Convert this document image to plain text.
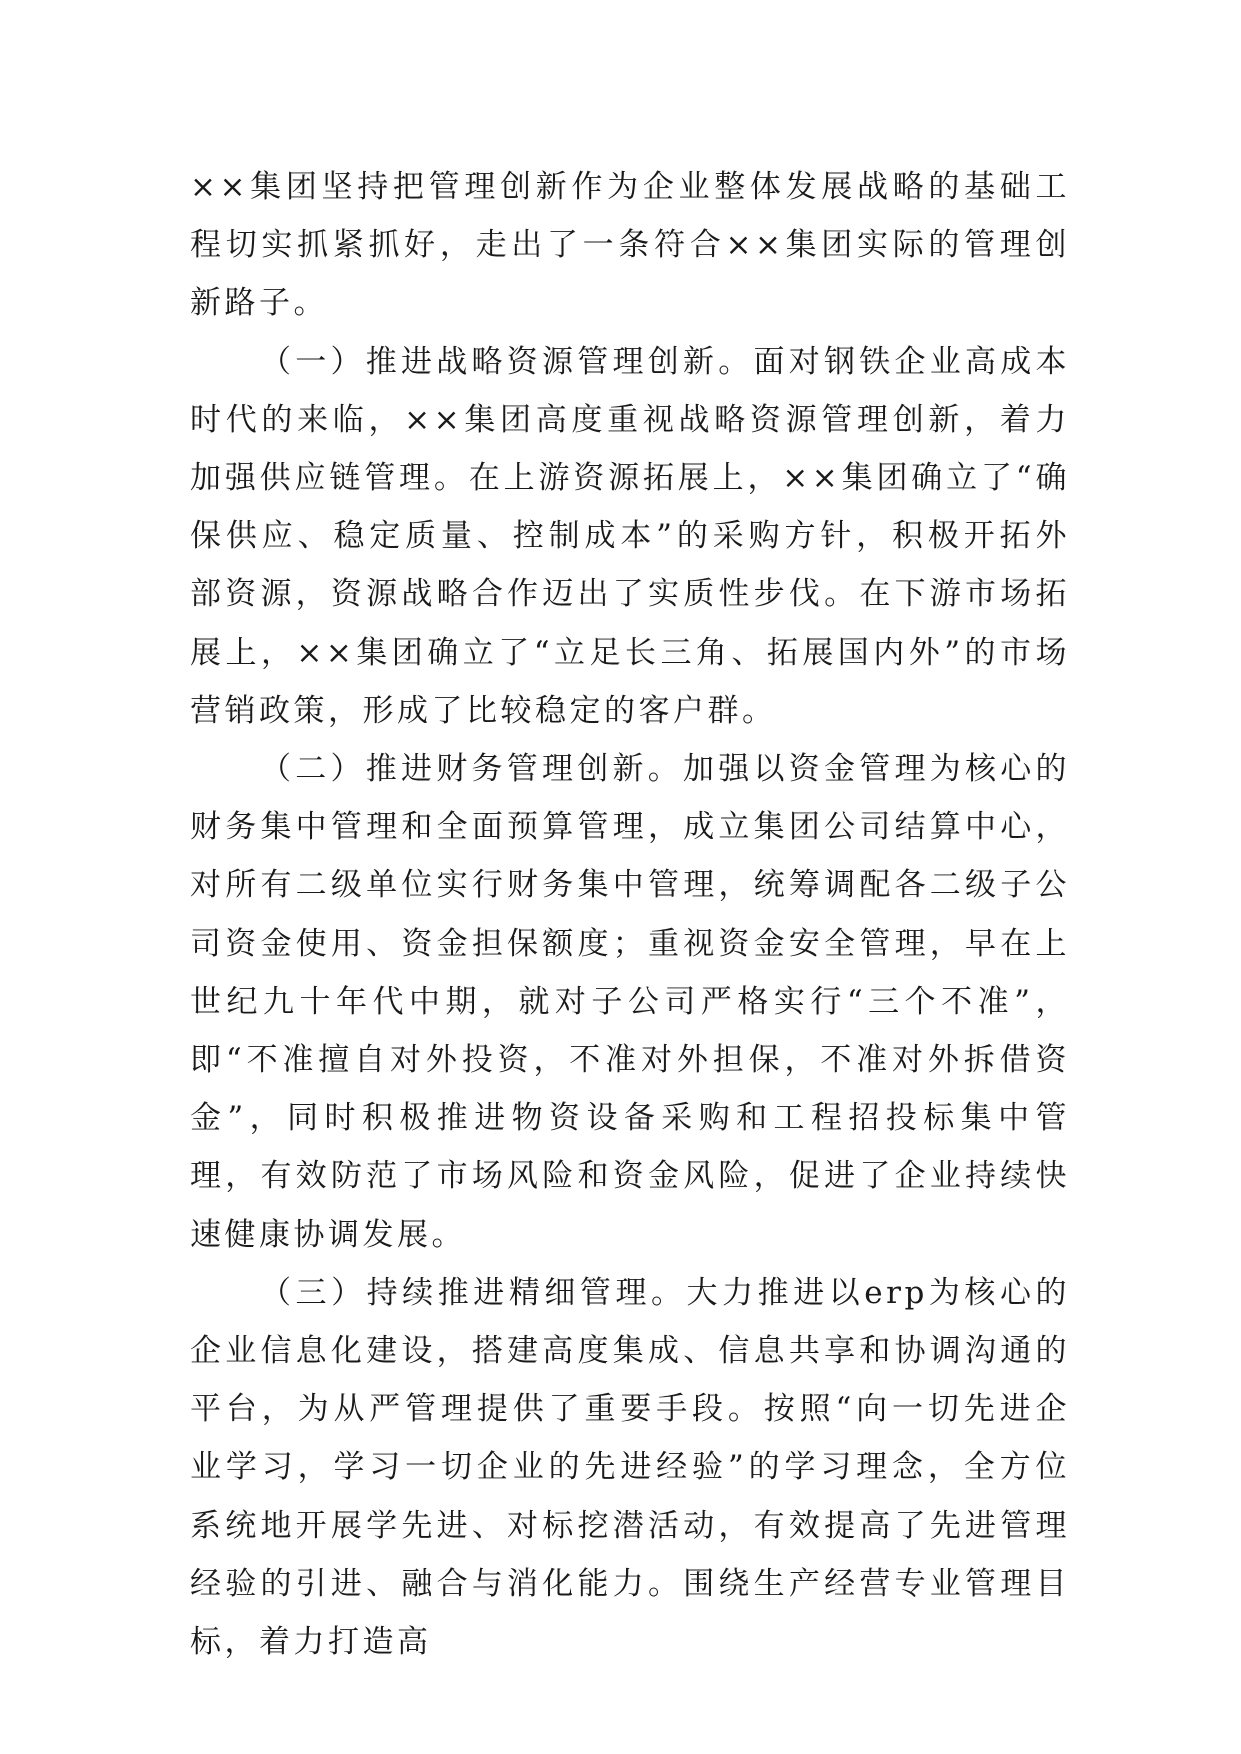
××集团坚持把管理创新作为企业整体发展战略的基础工程切实抓紧抓好，走出了一条符合××集团实际的管理创新路子。

（一）推进战略资源管理创新。面对钢铁企业高成本时代的来临，××集团高度重视战略资源管理创新，着力加强供应链管理。在上游资源拓展上，××集团确立了“确保供应、稳定质量、控制成本”的采购方针，积极开拓外部资源，资源战略合作迈出了实质性步伐。在下游市场拓展上，××集团确立了“立足长三角、拓展国内外”的市场营销政策，形成了比较稳定的客户群。

（二）推进财务管理创新。加强以资金管理为核心的财务集中管理和全面预算管理，成立集团公司结算中心，对所有二级单位实行财务集中管理，统筹调配各二级子公司资金使用、资金担保额度；重视资金安全管理，早在上世纪九十年代中期，就对子公司严格实行“三个不准”，即“不准擅自对外投资，不准对外担保，不准对外拆借资金”，同时积极推进物资设备采购和工程招投标集中管理，有效防范了市场风险和资金风险，促进了企业持续快速健康协调发展。

（三）持续推进精细管理。大力推进以erp为核心的企业信息化建设，搭建高度集成、信息共享和协调沟通的平台，为从严管理提供了重要手段。按照“向一切先进企业学习，学习一切企业的先进经验”的学习理念，全方位系统地开展学先进、对标挖潜活动，有效提高了先进管理经验的引进、融合与消化能力。围绕生产经营专业管理目标，着力打造高
